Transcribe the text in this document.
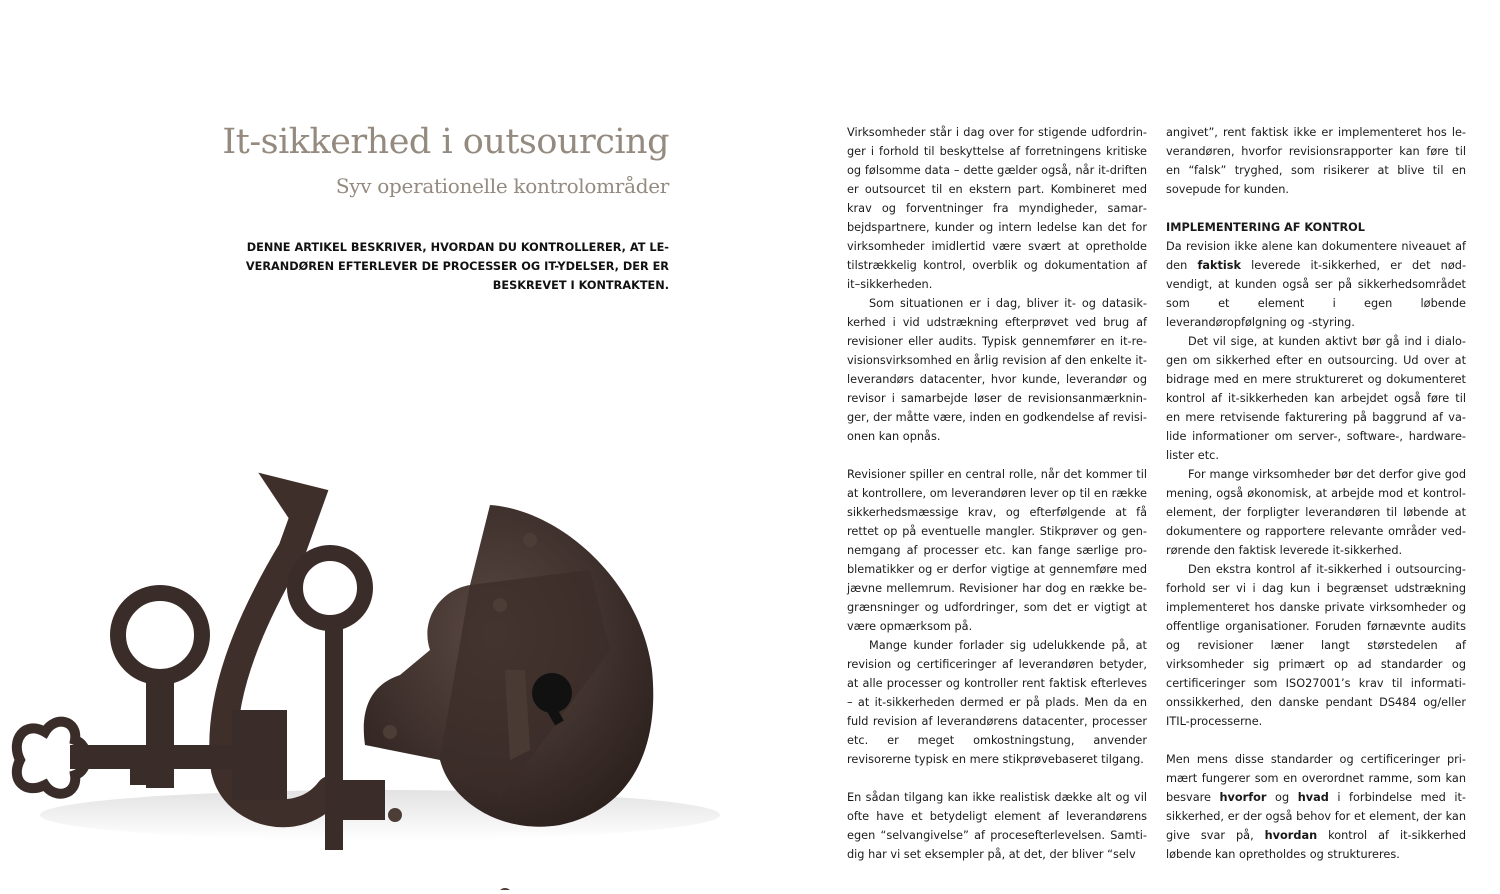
It-sikkerhed i outsourcing
Syv operationelle kontrolområder

DENNE ARTIKEL BESKRIVER, HVORDAN DU KONTROLLERER, AT LEVERANDØREN EFTERLEVER DE PROCESSER OG IT-YDELSER, DER ER BESKREVET I KONTRAKTEN.

Virksomheder står i dag over for stigende udfordringer i forhold til beskyttelse af forretningens kritiske og følsomme data – dette gælder også, når it-driften er outsourcet til en ekstern part. Kombineret med krav og forventninger fra myndigheder, samarbejdspartnere, kunder og intern ledelse kan det for virksomheder imidlertid være svært at opretholde tilstrækkelig kontrol, overblik og dokumentation af it–sikkerheden.

Som situationen er i dag, bliver it- og datasikkerhed i vid udstrækning efterprøvet ved brug af revisioner eller audits. Typisk gennemfører en it-revisionsvirksomhed en årlig revision af den enkelte it-leverandørs datacenter, hvor kunde, leverandør og revisor i samarbejde løser de revisionsanmærkninger, der måtte være, inden en godkendelse af revisionen kan opnås.

Revisioner spiller en central rolle, når det kommer til at kontrollere, om leverandøren lever op til en række sikkerhedsmæssige krav, og efterfølgende at få rettet op på eventuelle mangler. Stikprøver og gennemgang af processer etc. kan fange særlige problematikker og er derfor vigtige at gennemføre med jævne mellemrum. Revisioner har dog en række begrænsninger og udfordringer, som det er vigtigt at være opmærksom på.

Mange kunder forlader sig udelukkende på, at revision og certificeringer af leverandøren betyder, at alle processer og kontroller rent faktisk efterleves – at it-sikkerheden dermed er på plads. Men da en fuld revision af leverandørens datacenter, processer etc. er meget omkostningstung, anvender revisorerne typisk en mere stikprøvebaseret tilgang.

En sådan tilgang kan ikke realistisk dække alt og vil ofte have et betydeligt element af leverandørens egen “selvangivelse” af procesefterlevelsen. Samtidig har vi set eksempler på, at det, der bliver “selv

angivet”, rent faktisk ikke er implementeret hos leverandøren, hvorfor revisionsrapporter kan føre til en “falsk” tryghed, som risikerer at blive til en sovepude for kunden.

IMPLEMENTERING AF KONTROL

Da revision ikke alene kan dokumentere niveauet af den faktisk leverede it-sikkerhed, er det nødvendigt, at kunden også ser på sikkerhedsområdet som et element i egen løbende leverandøropfølgning og -styring.

Det vil sige, at kunden aktivt bør gå ind i dialogen om sikkerhed efter en outsourcing. Ud over at bidrage med en mere struktureret og dokumenteret kontrol af it-sikkerheden kan arbejdet også føre til en mere retvisende fakturering på baggrund af valide informationer om server-, software-, hardwarelister etc.

For mange virksomheder bør det derfor give god mening, også økonomisk, at arbejde mod et kontrolelement, der forpligter leverandøren til løbende at dokumentere og rapportere relevante områder vedrørende den faktisk leverede it-sikkerhed.

Den ekstra kontrol af it-sikkerhed i outsourcingforhold ser vi i dag kun i begrænset udstrækning implementeret hos danske private virksomheder og offentlige organisationer. Foruden førnævnte audits og revisioner læner langt størstedelen af virksomheder sig primært op ad standarder og certificeringer som ISO27001’s krav til informationssikkerhed, den danske pendant DS484 og/eller ITIL-processerne.

Men mens disse standarder og certificeringer primært fungerer som en overordnet ramme, som kan besvare hvorfor og hvad i forbindelse med it-sikkerhed, er der også behov for et element, der kan give svar på, hvordan kontrol af it-sikkerhed løbende kan opretholdes og struktureres.
